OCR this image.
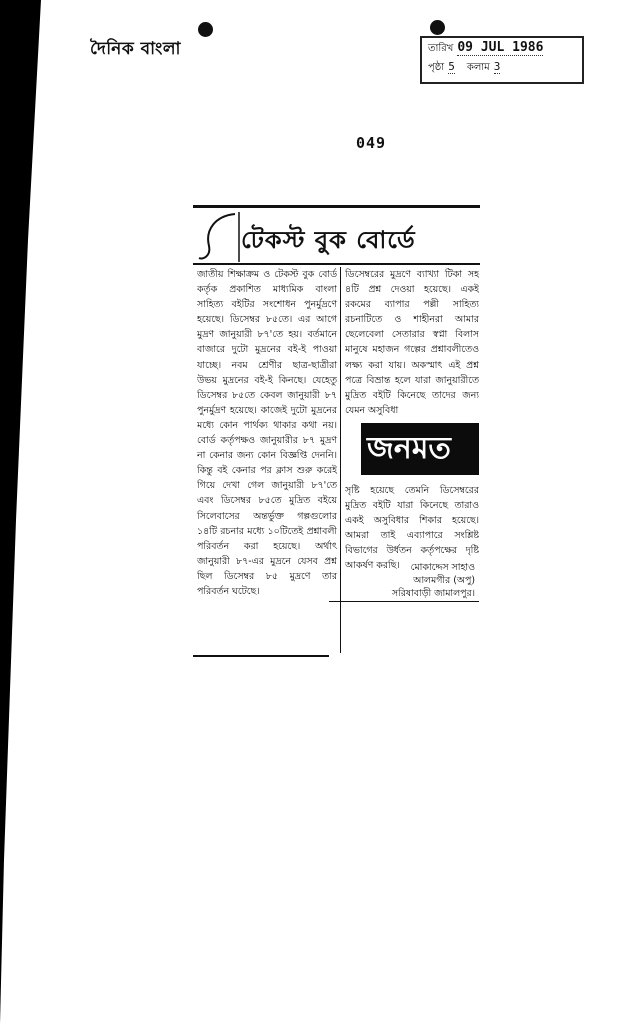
দৈনিক বাংলা	তারিখ 09 JUL 1986
পৃষ্ঠা 5 কলাম 3
049
টেকস্ট বুক বোর্ডে
জাতীয় শিক্ষাক্রম ও টেকস্ট বুক বোর্ড কর্তৃক প্রকাশিত মাধ্যমিক বাংলা সাহিত্য বইটির সংশোধন পুনর্মুদ্রণে হয়েছে। ডিসেম্বর ৮৫তে। এর আগে মুদ্রণ জানুয়ারী ৮৭'তে হয়। বর্তমানে বাজারে দুটো মুদ্রনের বই-ই পাওয়া যাচ্ছে। নবম শ্রেণীর ছাত্র-ছাত্রীরা উভয় মুদ্রনের বই-ই কিনছে। যেহেতু ডিসেম্বর ৮৫তে কেবল জানুয়ারী ৮৭ পুনর্মুদ্রণ হয়েছে। কাজেই দুটো মুদ্রনের মধ্যে কোন পার্থক্য থাকার কথা নয়। বোর্ড কর্তৃপক্ষও জানুয়ারীর ৮৭ মুদ্রণ না কেনার জন্য কোন বিজ্ঞপ্তি দেননি। কিন্তু বই কেনার পর ক্লাস শুরু করেই গিয়ে দেখা গেল জানুয়ারী ৮৭'তে এবং ডিসেম্বর ৮৫তে মুদ্রিত বইয়ে সিলেবাসের অন্তর্ভুক্ত গল্পগুলোর ১৪টি রচনার মধ্যে ১০টিতেই প্রশ্নাবলী পরিবর্তন করা হয়েছে। অর্থাৎ জানুয়ারী ৮৭-এর মুদ্রনে যেসব প্রশ্ন ছিল ডিসেম্বর ৮৫ মুদ্রণে তার পরিবর্তন ঘটেছে।
ডিসেম্বরের মুদ্রণে ব্যাখ্যা টিকা সহ ৪টি প্রশ্ন দেওয়া হয়েছে। একই রকমের ব্যাপার পল্লী সাহিত্য রচনাটিতে ও শাহীনরা আমার ছেলেবেলা সেতারার স্বপ্না বিলাস মানুষে মহাজন গল্পের প্রশ্নাবলীতেও লক্ষ্য করা যায়। অকস্মাৎ এই প্রশ্ন পত্রে বিভ্রান্ত হলে যারা জানুয়ারীতে মুদ্রিত বইটি কিনেছে তাদের জন্য যেমন অসুবিধা
জনমত
সৃষ্টি হয়েছে তেমনি ডিসেম্বরের মুদ্রিত বইটি যারা কিনেছে তারাও একই অসুবিধার শিকার হয়েছে। আমরা তাই এব্যাপারে সংশ্লিষ্ট বিভাগের উর্ধতন কর্তৃপক্ষের দৃষ্টি আকর্ষণ করছি।	মোকাদ্দেস সাহাও
আলমগীর (অপু)
সরিষাবাড়ী জামালপুর।
